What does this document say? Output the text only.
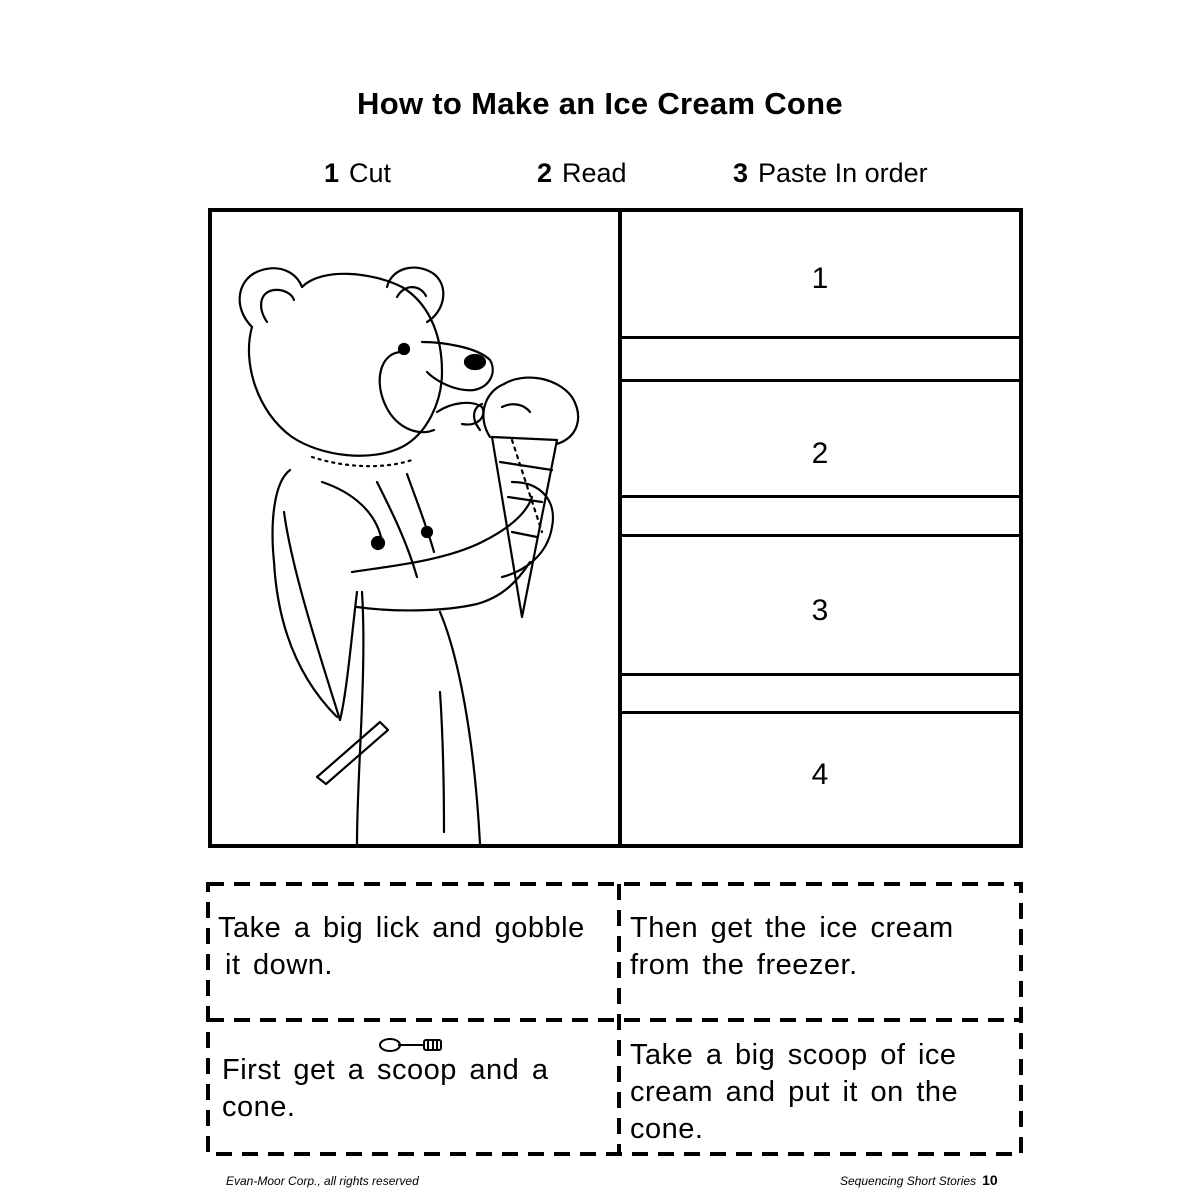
How to Make an Ice Cream Cone
1 Cut	2 Read	3 Paste In order
1
2
3
4
Take a big lick and gobble
it down.
Then get the ice cream
from the freezer.
First get a scoop and a
cone.
Take a big scoop of ice
cream and put it on the
cone.
Evan-Moor Corp., all rights reserved	Sequencing Short Stories 10
